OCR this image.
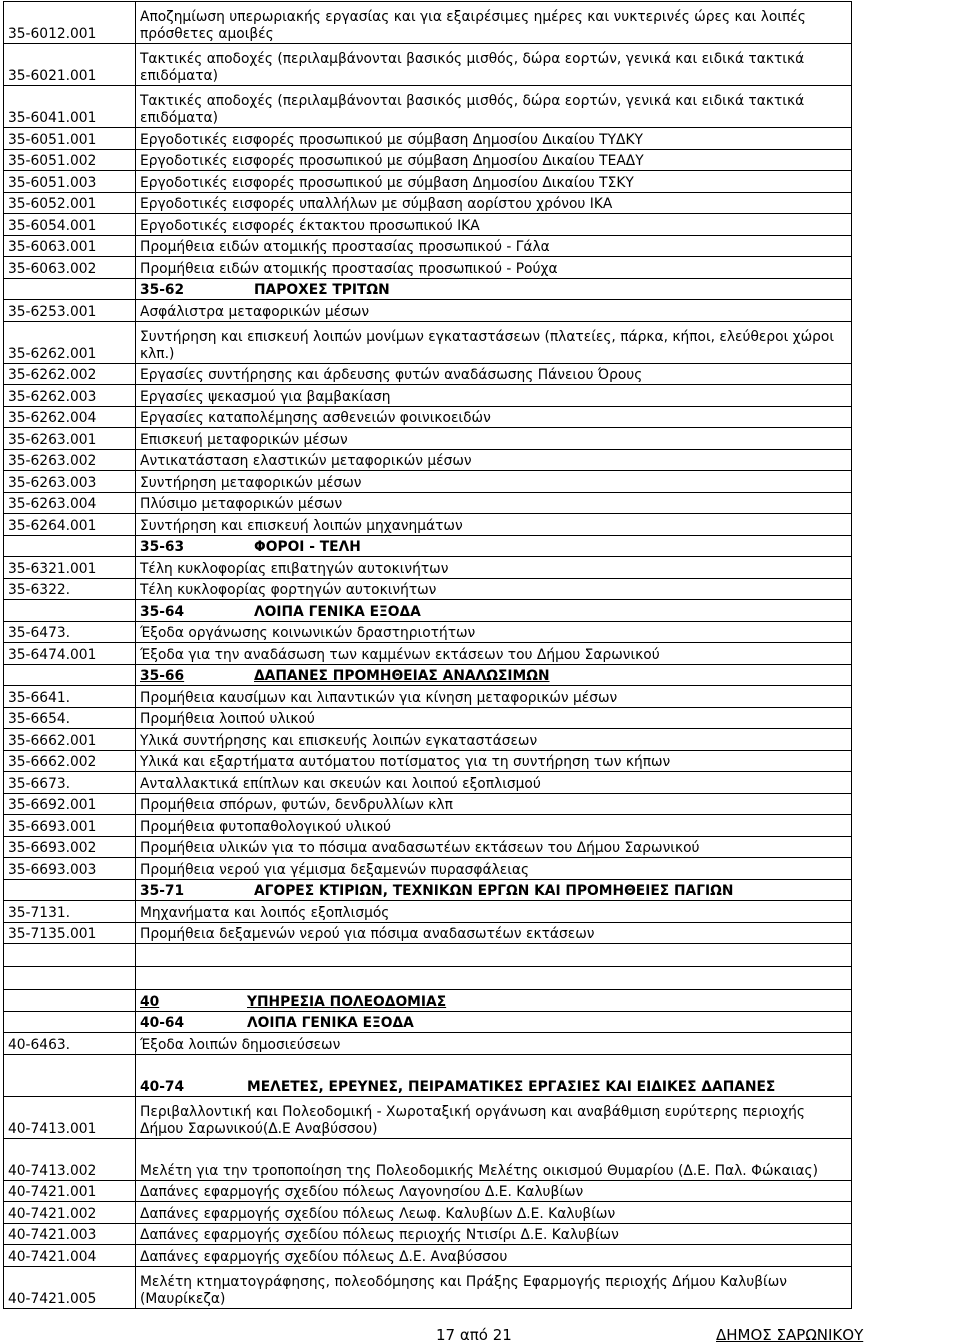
35-6012.001	Αποζημίωση υπερωριακής εργασίας και για εξαιρέσιμες ημέρες και νυκτερινές ώρες και λοιπές πρόσθετες αμοιβές
35-6021.001	Τακτικές αποδοχές (περιλαμβάνονται βασικός μισθός, δώρα εορτών, γενικά και ειδικά τακτικά επιδόματα)
35-6041.001	Τακτικές αποδοχές (περιλαμβάνονται βασικός μισθός, δώρα εορτών, γενικά και ειδικά τακτικά επιδόματα)
35-6051.001	Εργοδοτικές εισφορές προσωπικού με σύμβαση Δημοσίου Δικαίου ΤΥΔΚΥ
35-6051.002	Εργοδοτικές εισφορές προσωπικού με σύμβαση Δημοσίου Δικαίου ΤΕΑΔΥ
35-6051.003	Εργοδοτικές εισφορές προσωπικού με σύμβαση Δημοσίου Δικαίου ΤΣΚΥ
35-6052.001	Εργοδοτικές εισφορές υπαλλήλων με σύμβαση αορίστου χρόνου ΙΚΑ
35-6054.001	Εργοδοτικές εισφορές έκτακτου προσωπικού ΙΚΑ
35-6063.001	Προμήθεια ειδών ατομικής προστασίας προσωπικού - Γάλα
35-6063.002	Προμήθεια ειδών ατομικής προστασίας προσωπικού - Ρούχα
	35-62 ΠΑΡΟΧΕΣ ΤΡΙΤΩΝ
35-6253.001	Ασφάλιστρα μεταφορικών μέσων
35-6262.001	Συντήρηση και επισκευή λοιπών μονίμων εγκαταστάσεων (πλατείες, πάρκα, κήποι, ελεύθεροι χώροι κλπ.)
35-6262.002	Εργασίες συντήρησης και άρδευσης φυτών αναδάσωσης Πάνειου Όρους
35-6262.003	Εργασίες ψεκασμού για βαμβακίαση
35-6262.004	Εργασίες καταπολέμησης ασθενειών φοινικοειδών
35-6263.001	Επισκευή μεταφορικών μέσων
35-6263.002	Αντικατάσταση ελαστικών μεταφορικών μέσων
35-6263.003	Συντήρηση μεταφορικών μέσων
35-6263.004	Πλύσιμο μεταφορικών μέσων
35-6264.001	Συντήρηση και επισκευή λοιπών μηχανημάτων
	35-63 ΦΟΡΟΙ - ΤΕΛΗ
35-6321.001	Τέλη κυκλοφορίας επιβατηγών αυτοκινήτων
35-6322.	Τέλη κυκλοφορίας φορτηγών αυτοκινήτων
	35-64 ΛΟΙΠΑ ΓΕΝΙΚΑ ΕΞΟΔΑ
35-6473.	Έξοδα οργάνωσης κοινωνικών δραστηριοτήτων
35-6474.001	Έξοδα για την αναδάσωση των καμμένων εκτάσεων του Δήμου Σαρωνικού
	35-66 ΔΑΠΑΝΕΣ ΠΡΟΜΗΘΕΙΑΣ ΑΝΑΛΩΣΙΜΩΝ
35-6641.	Προμήθεια καυσίμων και λιπαντικών για κίνηση μεταφορικών μέσων
35-6654.	Προμήθεια λοιπού υλικού
35-6662.001	Υλικά συντήρησης και επισκευής λοιπών εγκαταστάσεων
35-6662.002	Υλικά και εξαρτήματα αυτόματου ποτίσματος για τη συντήρηση των κήπων
35-6673.	Ανταλλακτικά επίπλων και σκευών και λοιπού εξοπλισμού
35-6692.001	Προμήθεια σπόρων, φυτών, δενδρυλλίων κλπ
35-6693.001	Προμήθεια φυτοπαθολογικού υλικού
35-6693.002	Προμήθεια υλικών για το πόσιμα αναδασωτέων εκτάσεων του Δήμου Σαρωνικού
35-6693.003	Προμήθεια νερού για γέμισμα δεξαμενών πυρασφάλειας
	35-71 ΑΓΟΡΕΣ ΚΤΙΡΙΩΝ, ΤΕΧΝΙΚΩΝ ΕΡΓΩΝ ΚΑΙ ΠΡΟΜΗΘΕΙΕΣ ΠΑΓΙΩΝ
35-7131.	Μηχανήματα και λοιπός εξοπλισμός
35-7135.001	Προμήθεια δεξαμενών νερού για πόσιμα αναδασωτέων εκτάσεων

	40 ΥΠΗΡΕΣΙΑ ΠΟΛΕΟΔΟΜΙΑΣ
	40-64 ΛΟΙΠΑ ΓΕΝΙΚΑ ΕΞΟΔΑ
40-6463.	Έξοδα λοιπών δημοσιεύσεων
	40-74 ΜΕΛΕΤΕΣ, ΕΡΕΥΝΕΣ, ΠΕΙΡΑΜΑΤΙΚΕΣ ΕΡΓΑΣΙΕΣ ΚΑΙ ΕΙΔΙΚΕΣ ΔΑΠΑΝΕΣ
40-7413.001	Περιβαλλοντική και Πολεοδομική - Χωροταξική οργάνωση και αναβάθμιση ευρύτερης περιοχής Δήμου Σαρωνικού(Δ.Ε Αναβύσσου)
40-7413.002	Μελέτη για την τροποποίηση της Πολεοδομικής Μελέτης οικισμού Θυμαρίου (Δ.Ε. Παλ. Φώκαιας)
40-7421.001	Δαπάνες εφαρμογής σχεδίου πόλεως Λαγονησίου Δ.Ε. Καλυβίων
40-7421.002	Δαπάνες εφαρμογής σχεδίου πόλεως Λεωφ. Καλυβίων Δ.Ε. Καλυβίων
40-7421.003	Δαπάνες εφαρμογής σχεδίου πόλεως περιοχής Ντισίρι Δ.Ε. Καλυβίων
40-7421.004	Δαπάνες εφαρμογής σχεδίου πόλεως Δ.Ε. Αναβύσσου
40-7421.005	Μελέτη κτηματογράφησης, πολεοδόμησης και Πράξης Εφαρμογής περιοχής Δήμου Καλυβίων (Μαυρίκεζα)
17 από 21	ΔΗΜΟΣ ΣΑΡΩΝΙΚΟΥ
